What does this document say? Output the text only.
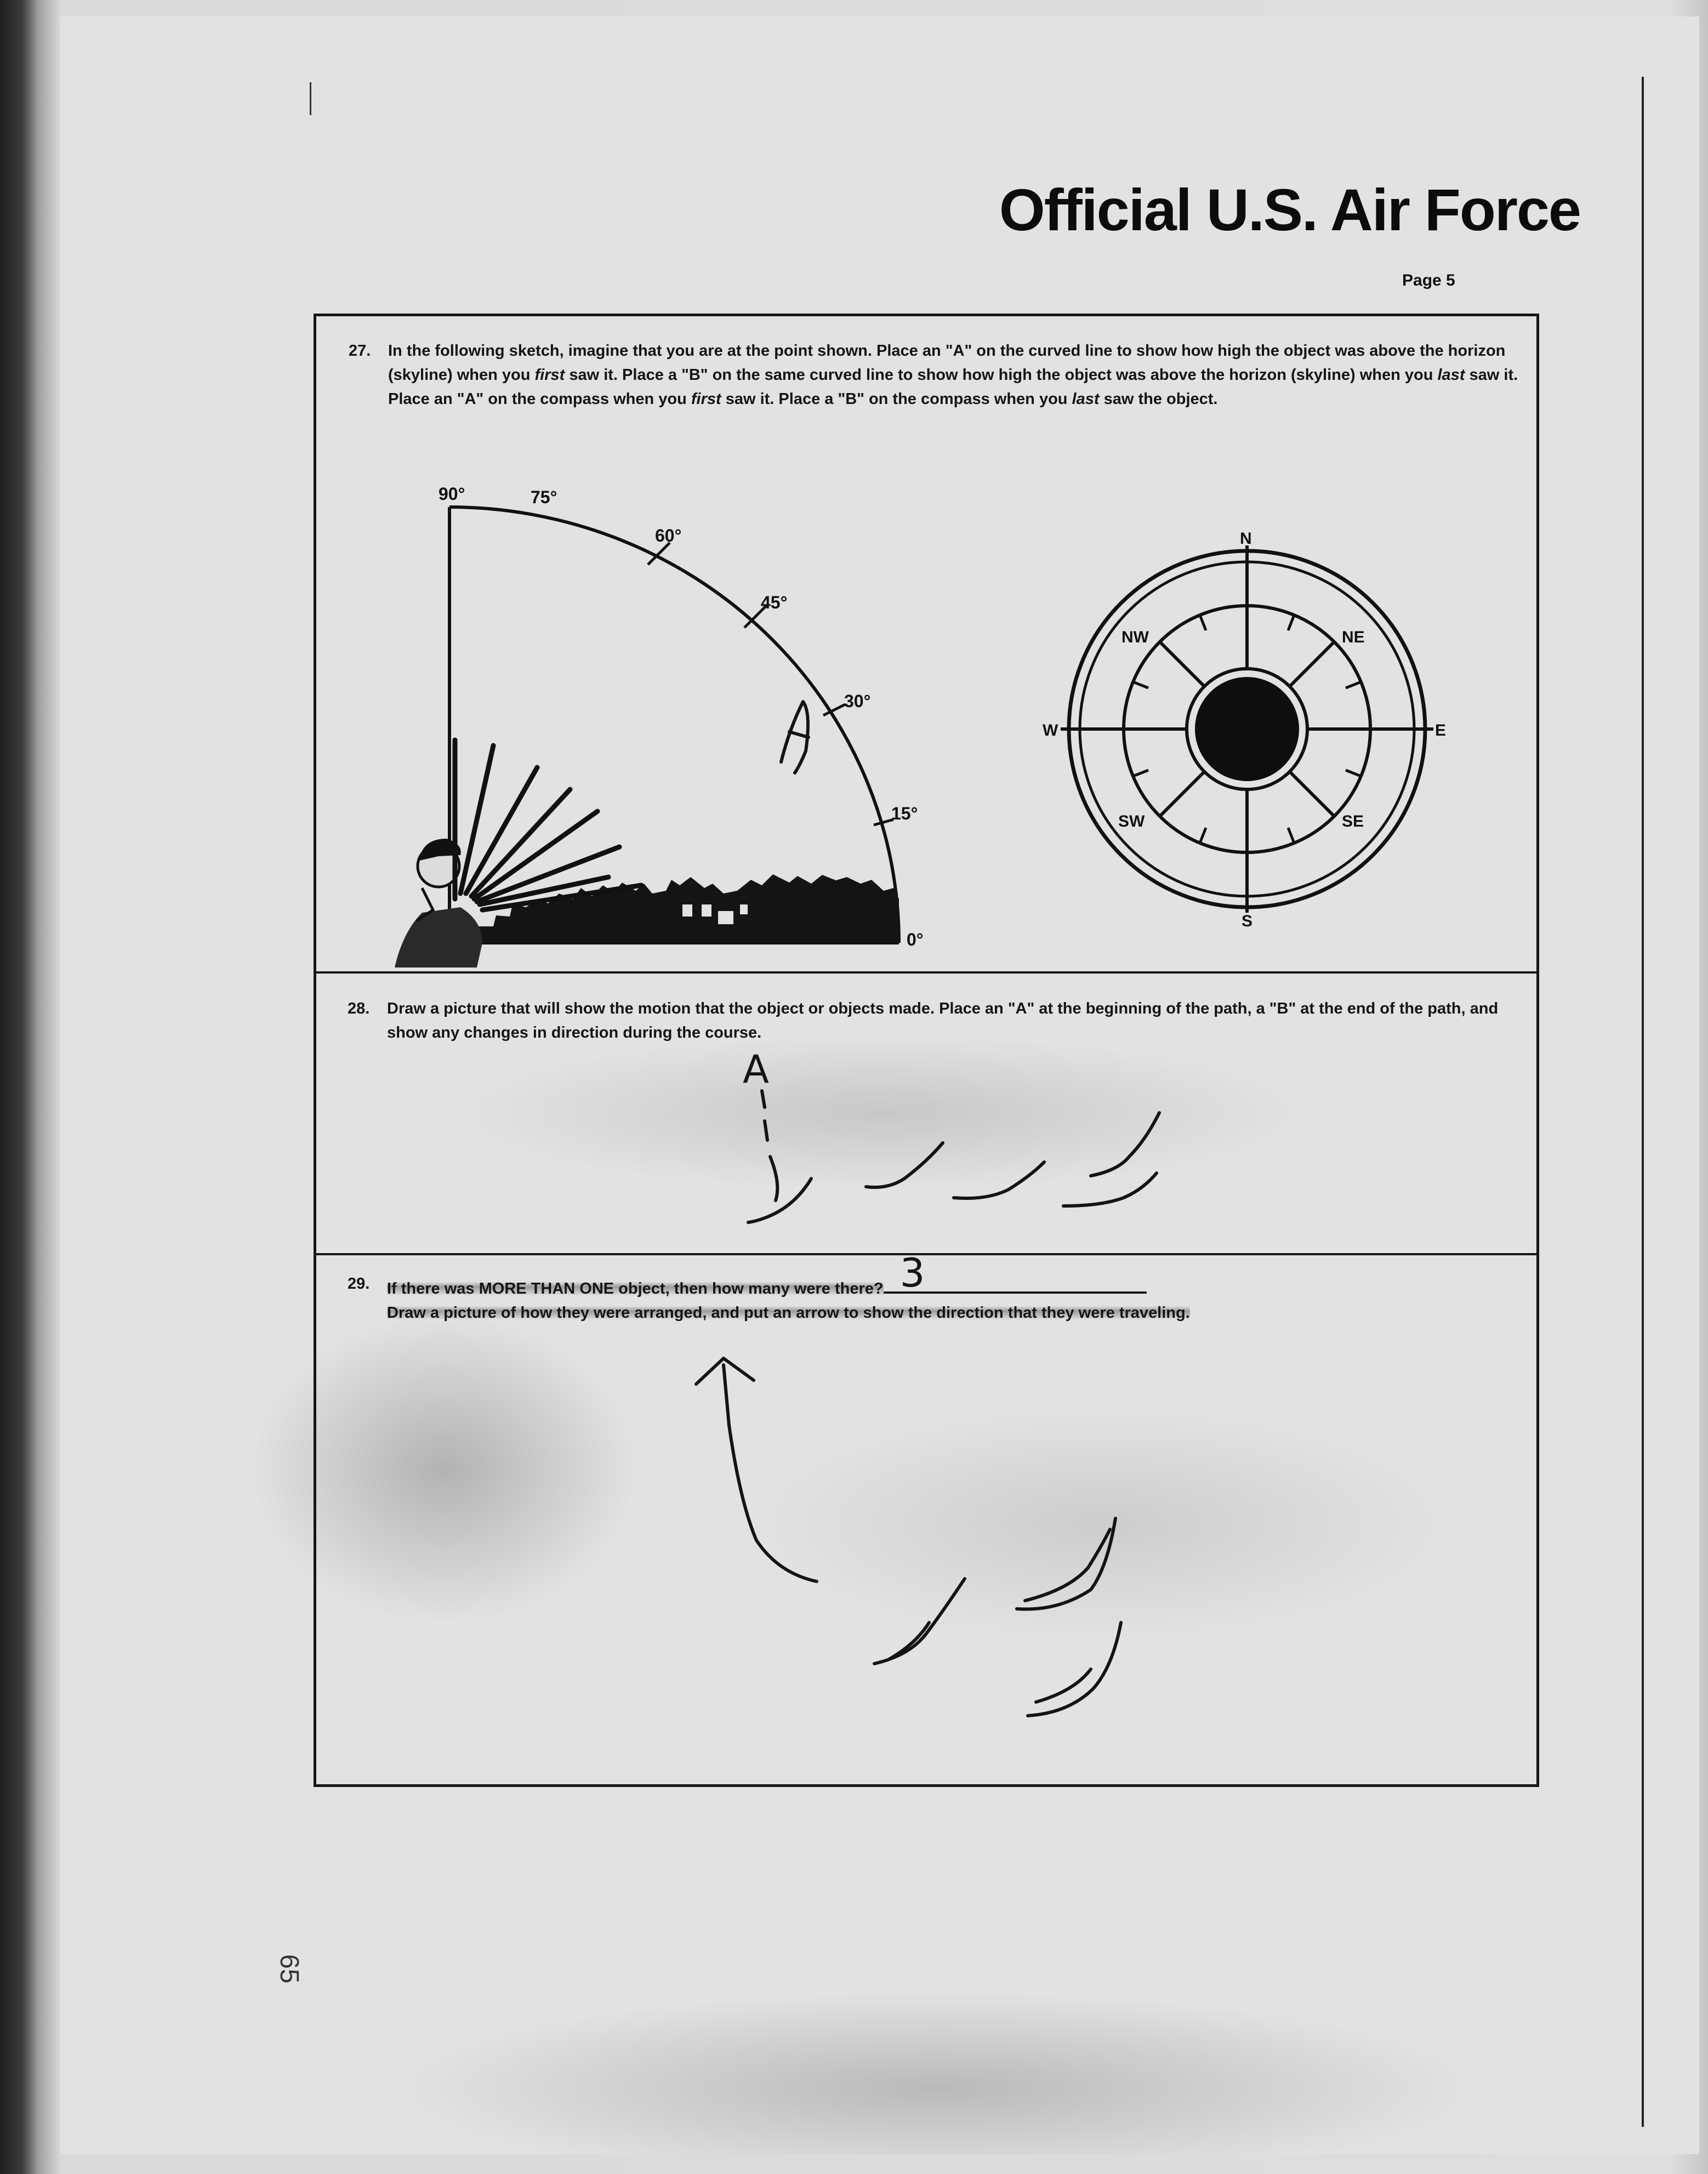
Official U.S. Air Force
Page 5
27. In the following sketch, imagine that you are at the point shown. Place an "A" on the curved line to show how high the object was above the horizon (skyline) when you first saw it. Place a "B" on the same curved line to show how high the object was above the horizon (skyline) when you last saw it. Place an "A" on the compass when you first saw it. Place a "B" on the compass when you last saw the object.
90°	75°
60°
45°
30°
15°
0°
N
NE
E
SE
S
SW
W
NW
28. Draw a picture that will show the motion that the object or objects made. Place an "A" at the beginning of the path, a "B" at the end of the path, and show any changes in direction during the course.
A
29. If there was MORE THAN ONE object, then how many were there? 3

Draw a picture of how they were arranged, and put an arrow to show the direction that they were traveling.
65
